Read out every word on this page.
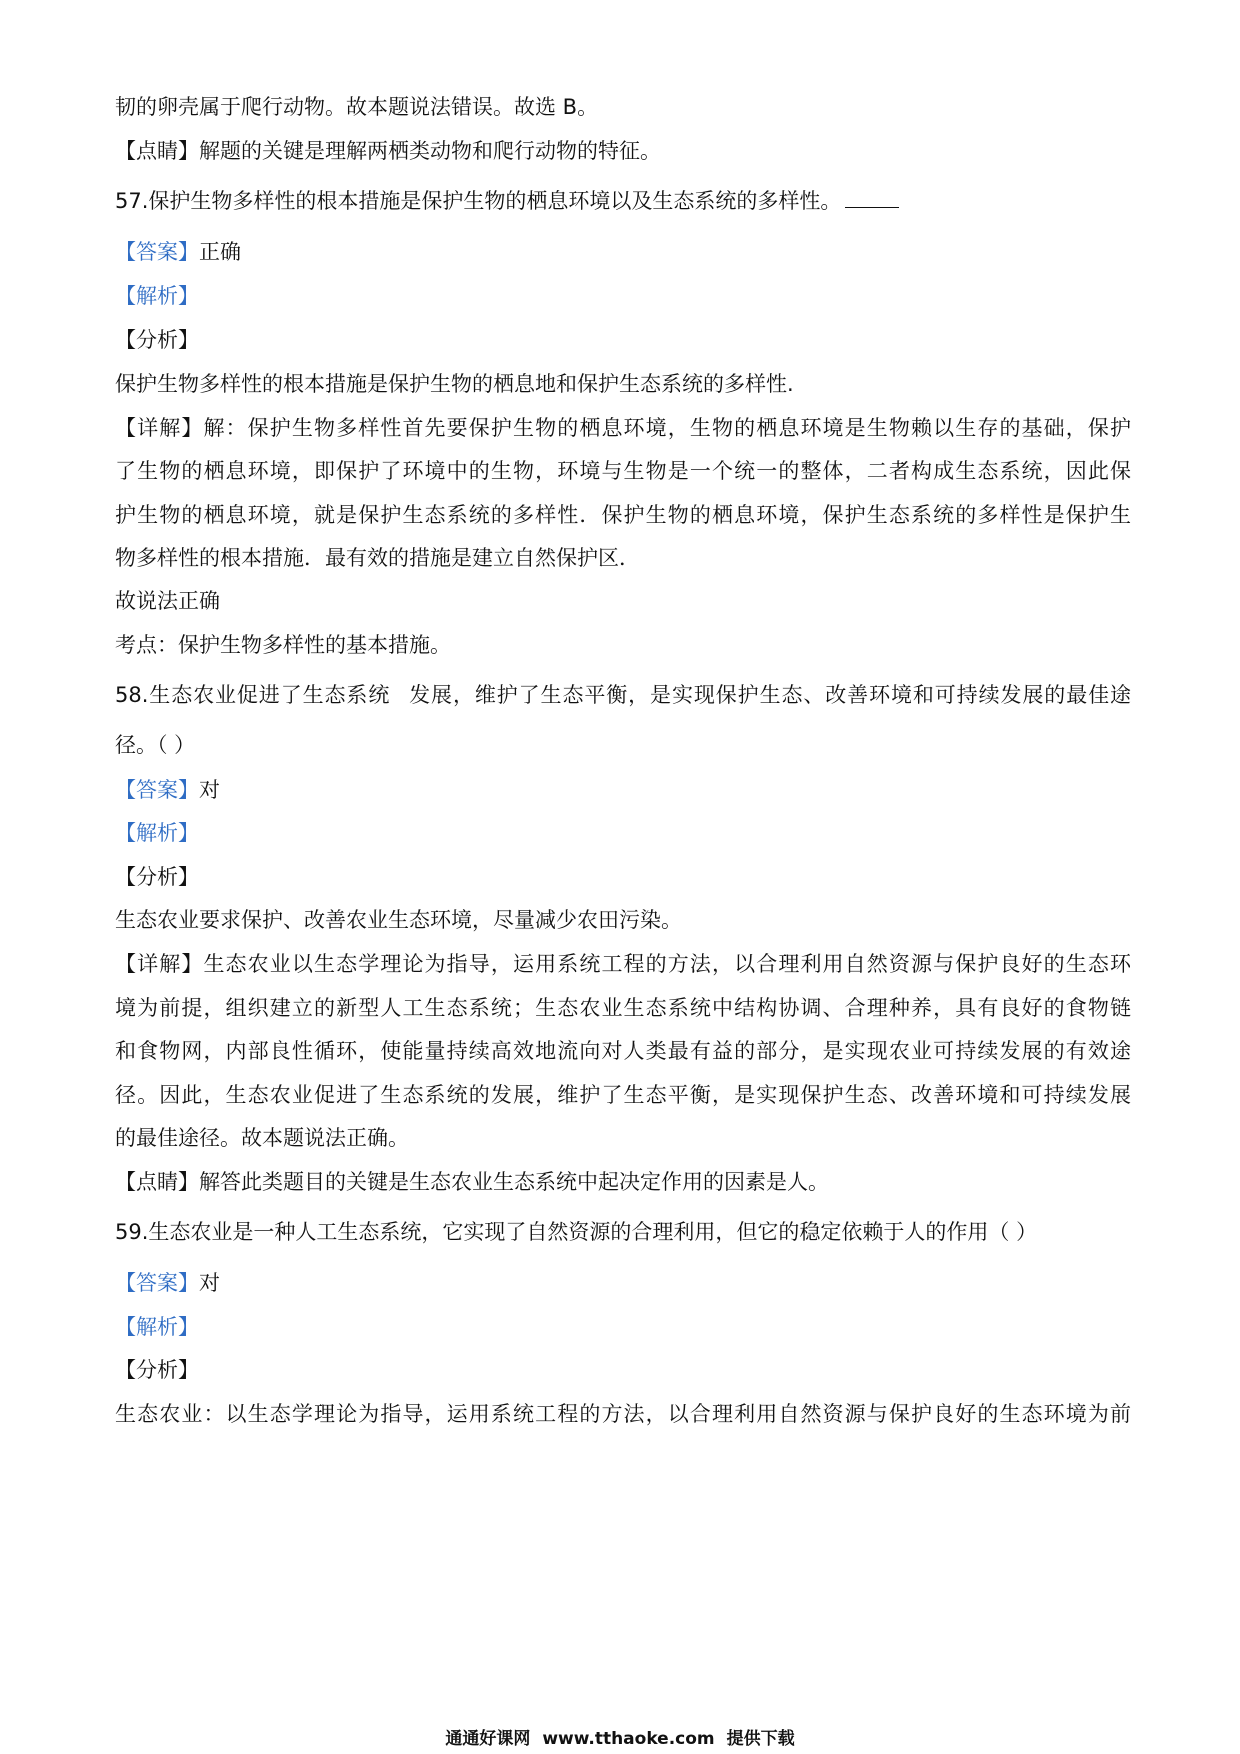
韧的卵壳属于爬行动物。故本题说法错误。故选 B。
【点睛】解题的关键是理解两栖类动物和爬行动物的特征。
57.保护生物多样性的根本措施是保护生物的栖息环境以及生态系统的多样性。
【答案】正确
【解析】
【分析】
保护生物多样性的根本措施是保护生物的栖息地和保护生态系统的多样性.
【详解】解：保护生物多样性首先要保护生物的栖息环境，生物的栖息环境是生物赖以生存的基础，保护
了生物的栖息环境，即保护了环境中的生物，环境与生物是一个统一的整体，二者构成生态系统，因此保
护生物的栖息环境，就是保护生态系统的多样性．保护生物的栖息环境，保护生态系统的多样性是保护生
物多样性的根本措施．最有效的措施是建立自然保护区．
故说法正确
考点：保护生物多样性的基本措施。
58.生态农业促进了生态系统 发展，维护了生态平衡，是实现保护生态、改善环境和可持续发展的最佳途
径。（ ）
【答案】对
【解析】
【分析】
生态农业要求保护、改善农业生态环境，尽量减少农田污染。
【详解】生态农业以生态学理论为指导，运用系统工程的方法，以合理利用自然资源与保护良好的生态环
境为前提，组织建立的新型人工生态系统；生态农业生态系统中结构协调、合理种养，具有良好的食物链
和食物网，内部良性循环，使能量持续高效地流向对人类最有益的部分，是实现农业可持续发展的有效途
径。因此，生态农业促进了生态系统的发展，维护了生态平衡，是实现保护生态、改善环境和可持续发展
的最佳途径。故本题说法正确。
【点睛】解答此类题目的关键是生态农业生态系统中起决定作用的因素是人。
59.生态农业是一种人工生态系统，它实现了自然资源的合理利用，但它的稳定依赖于人的作用（ ）
【答案】对
【解析】
【分析】
生态农业：以生态学理论为指导，运用系统工程的方法，以合理利用自然资源与保护良好的生态环境为前
通通好课网 www.tthaoke.com 提供下载
